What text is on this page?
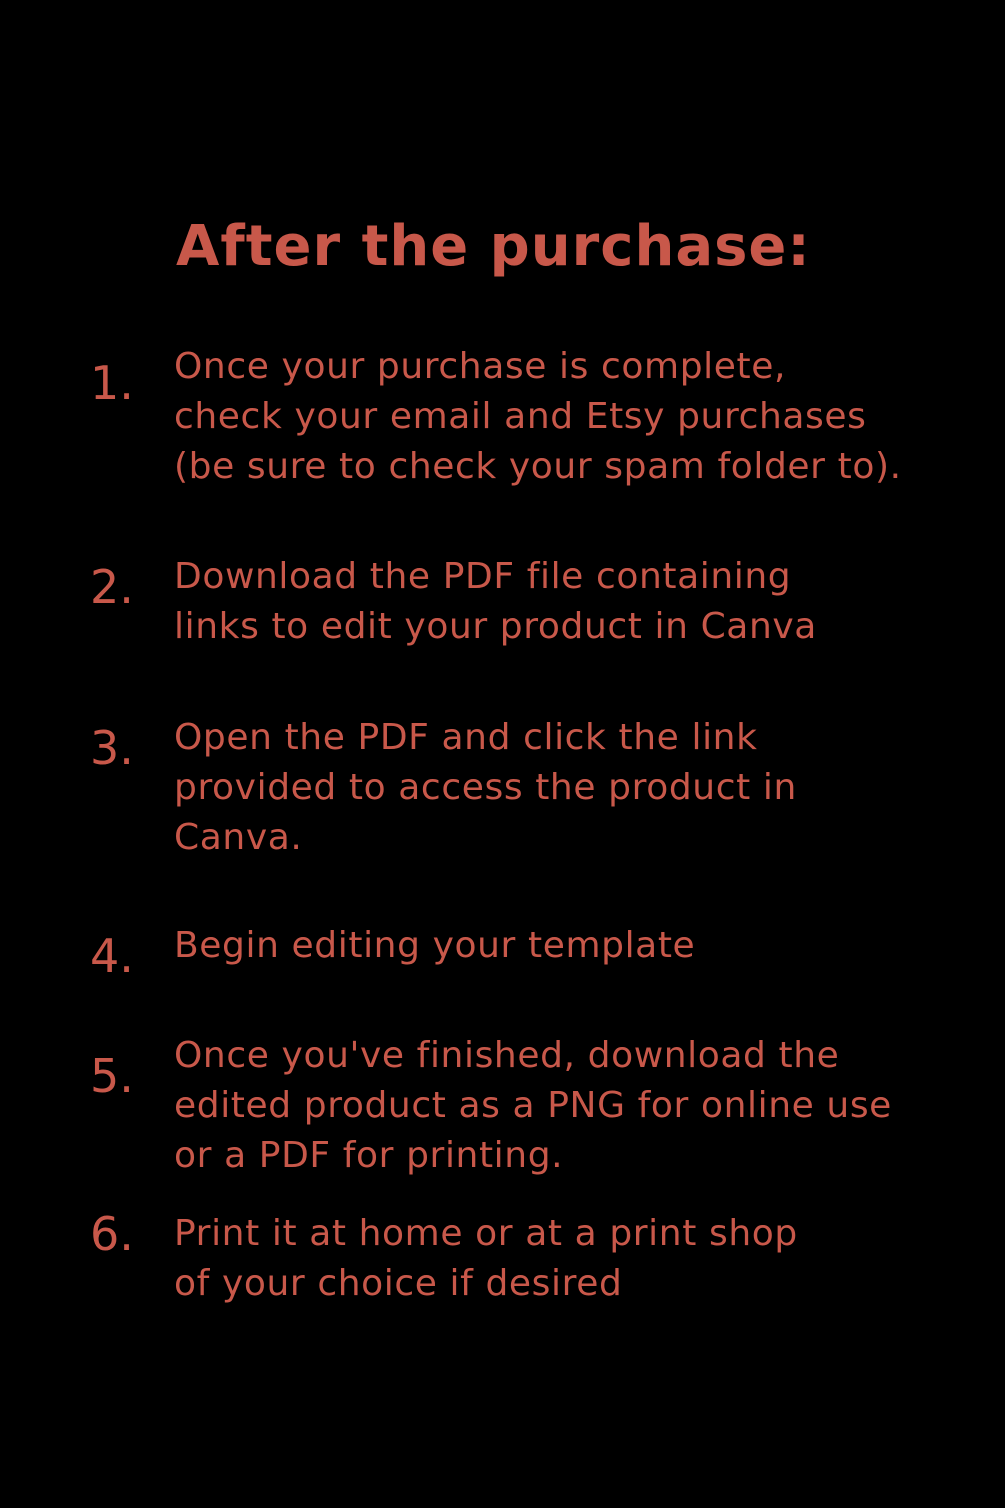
After the purchase:
1. Once your purchase is complete,
check your email and Etsy purchases
(be sure to check your spam folder to).
2. Download the PDF file containing
links to edit your product in Canva
3. Open the PDF and click the link
provided to access the product in
Canva.
4. Begin editing your template
5. Once you've finished, download the
edited product as a PNG for online use
or a PDF for printing.
6. Print it at home or at a print shop
of your choice if desired
